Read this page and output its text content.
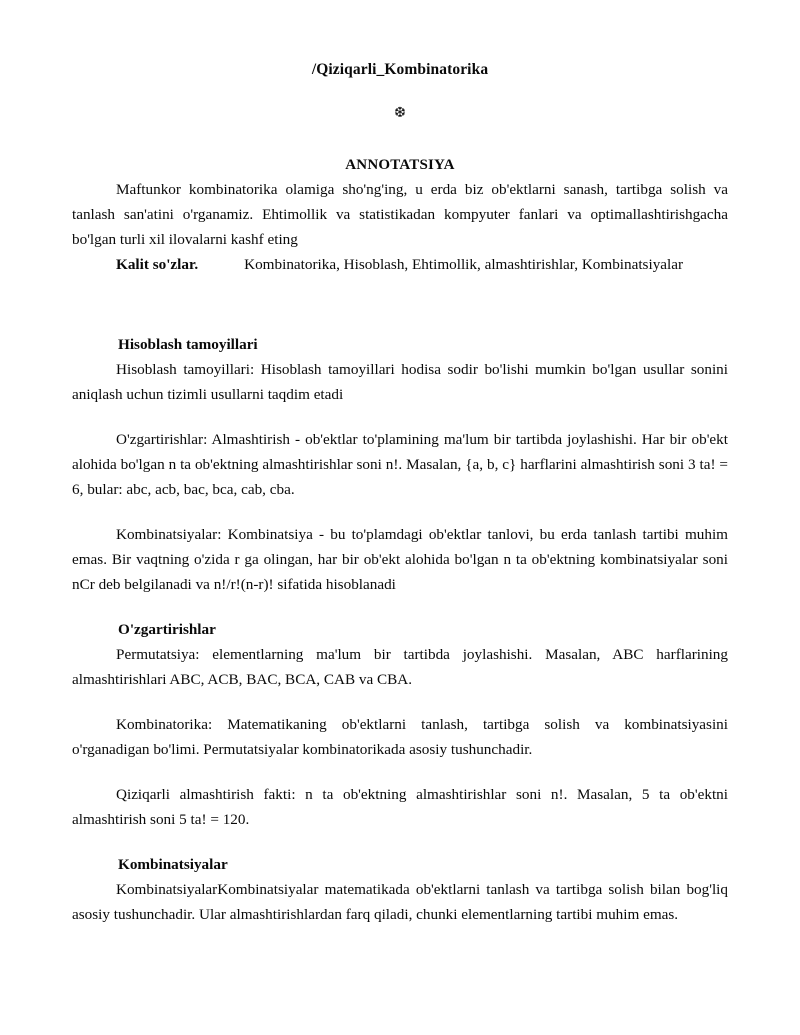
/Qiziqarli_Kombinatorika
❆
ANNOTATSIYA

Maftunkor kombinatorika olamiga sho'ng'ing, u erda biz ob'ektlarni sanash, tartibga solish va tanlash san'atini o'rganamiz. Ehtimollik va statistikadan kompyuter fanlari va optimallashtirishgacha bo'lgan turli xil ilovalarni kashf eting

Kalit so'zlar.	Kombinatorika, Hisoblash, Ehtimollik, almashtirishlar, Kombinatsiyalar

Hisoblash tamoyillari

Hisoblash tamoyillari: Hisoblash tamoyillari hodisa sodir bo'lishi mumkin bo'lgan usullar sonini aniqlash uchun tizimli usullarni taqdim etadi

O'zgartirishlar: Almashtirish - ob'ektlar to'plamining ma'lum bir tartibda joylashishi. Har bir ob'ekt alohida bo'lgan n ta ob'ektning almashtirishlar soni n!. Masalan, {a, b, c} harflarini almashtirish soni 3 ta! = 6, bular: abc, acb, bac, bca, cab, cba.

Kombinatsiyalar: Kombinatsiya - bu to'plamdagi ob'ektlar tanlovi, bu erda tanlash tartibi muhim emas. Bir vaqtning o'zida r ga olingan, har bir ob'ekt alohida bo'lgan n ta ob'ektning kombinatsiyalar soni nCr deb belgilanadi va n!/r!(n-r)! sifatida hisoblanadi

O'zgartirishlar

Permutatsiya: elementlarning ma'lum bir tartibda joylashishi. Masalan, ABC harflarining almashtirishlari ABC, ACB, BAC, BCA, CAB va CBA.

Kombinatorika: Matematikaning ob'ektlarni tanlash, tartibga solish va kombinatsiyasini o'rganadigan bo'limi. Permutatsiyalar kombinatorikada asosiy tushunchadir.

Qiziqarli almashtirish fakti: n ta ob'ektning almashtirishlar soni n!. Masalan, 5 ta ob'ektni almashtirish soni 5 ta! = 120.

Kombinatsiyalar

KombinatsiyalarKombinatsiyalar matematikada ob'ektlarni tanlash va tartibga solish bilan bog'liq asosiy tushunchadir. Ular almashtirishlardan farq qiladi, chunki elementlarning tartibi muhim emas.
